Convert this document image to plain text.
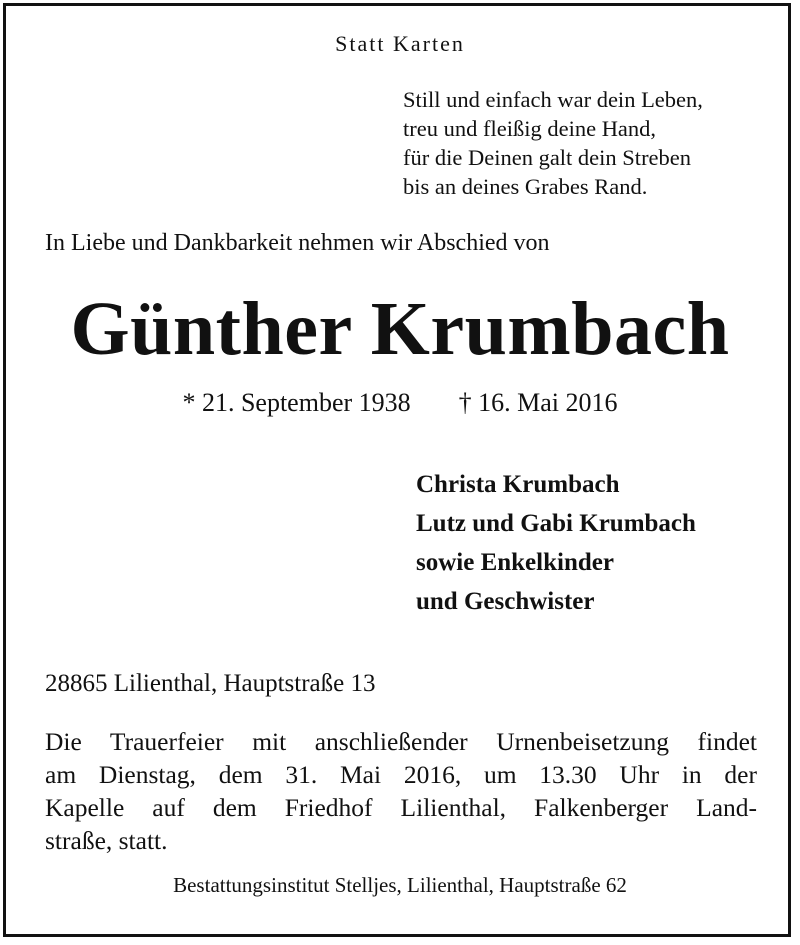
Statt Karten
Still und einfach war dein Leben,
treu und fleißig deine Hand,
für die Deinen galt dein Streben
bis an deines Grabes Rand.
In Liebe und Dankbarkeit nehmen wir Abschied von
Günther Krumbach
* 21. September 1938 † 16. Mai 2016
Christa Krumbach
Lutz und Gabi Krumbach
sowie Enkelkinder
und Geschwister
28865 Lilienthal, Hauptstraße 13
Die Trauerfeier mit anschließender Urnenbeisetzung findet
am Dienstag, dem 31. Mai 2016, um 13.30 Uhr in der
Kapelle auf dem Friedhof Lilienthal, Falkenberger Land-
straße, statt.
Bestattungsinstitut Stelljes, Lilienthal, Hauptstraße 62
